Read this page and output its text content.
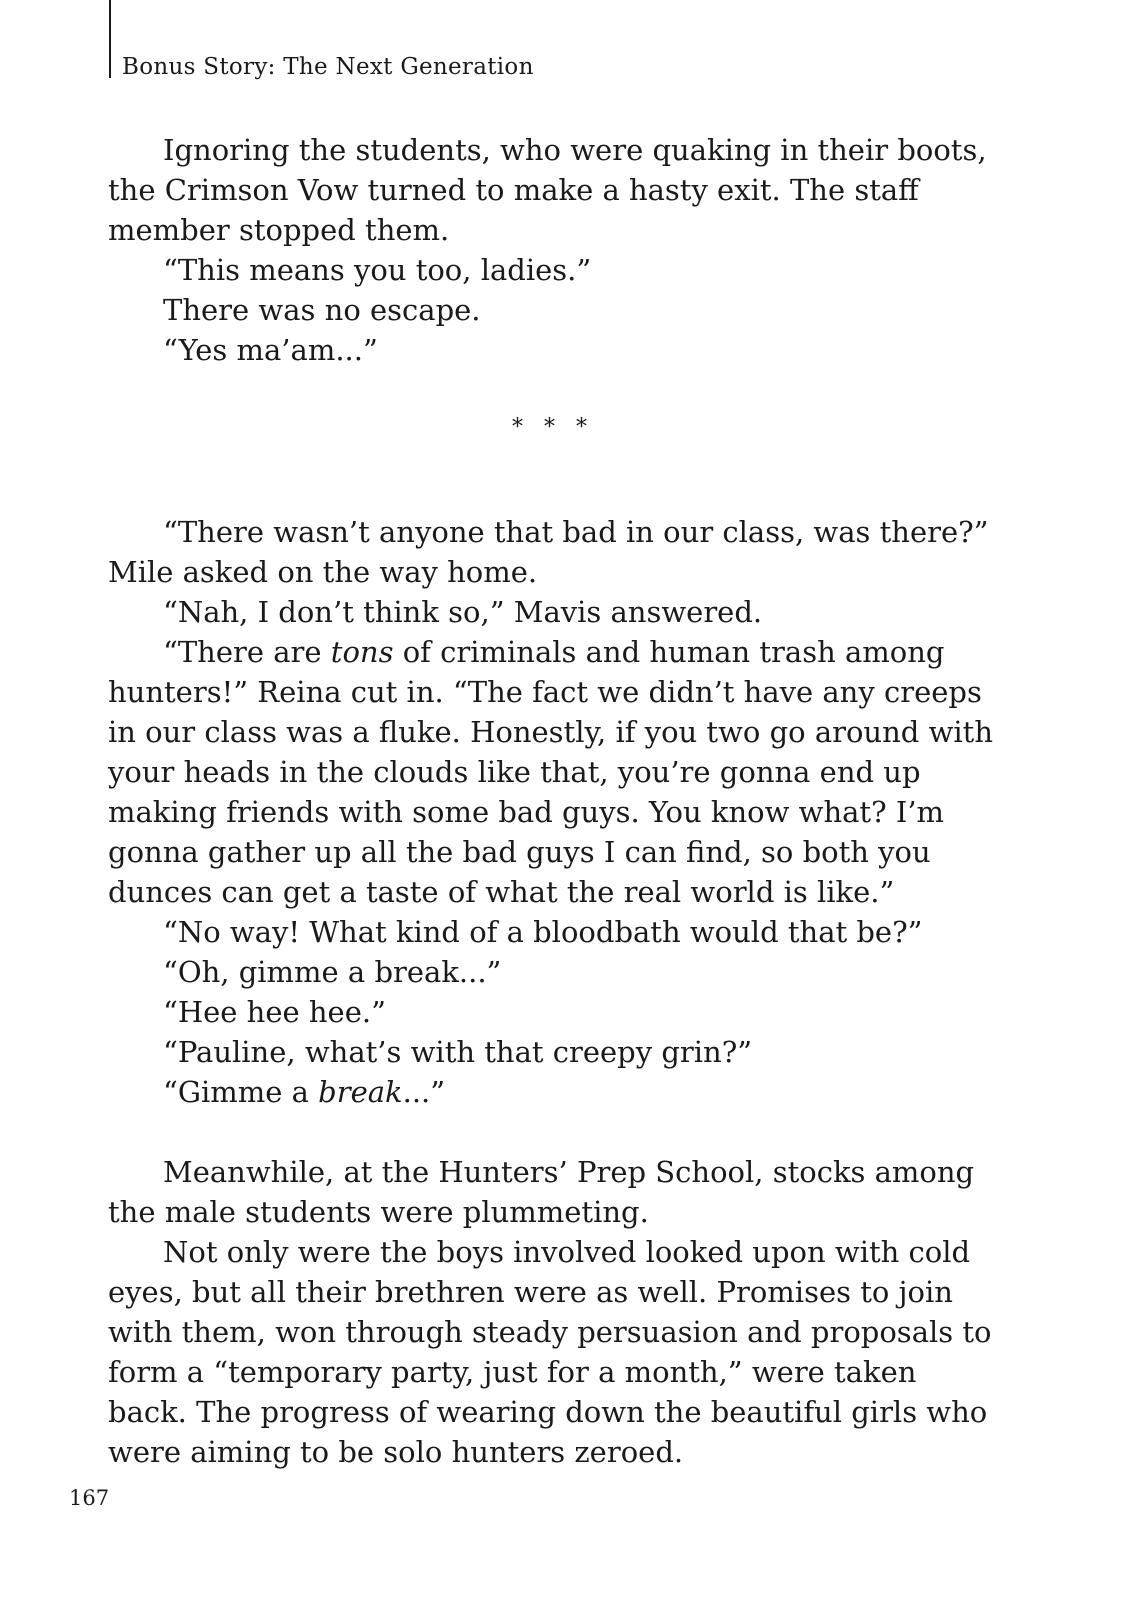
Bonus Story: The Next Generation

Ignoring the students, who were quaking in their boots, the Crimson Vow turned to make a hasty exit. The staff member stopped them.

“This means you too, ladies.”

There was no escape.

“Yes ma’am...”

* * *

“There wasn’t anyone that bad in our class, was there?” Mile asked on the way home.

“Nah, I don’t think so,” Mavis answered.

“There are tons of criminals and human trash among hunters!” Reina cut in. “The fact we didn’t have any creeps in our class was a fluke. Honestly, if you two go around with your heads in the clouds like that, you’re gonna end up making friends with some bad guys. You know what? I’m gonna gather up all the bad guys I can find, so both you dunces can get a taste of what the real world is like.”

“No way! What kind of a bloodbath would that be?”

“Oh, gimme a break...”

“Hee hee hee.”

“Pauline, what’s with that creepy grin?”

“Gimme a break...”

Meanwhile, at the Hunters’ Prep School, stocks among the male students were plummeting.

Not only were the boys involved looked upon with cold eyes, but all their brethren were as well. Promises to join with them, won through steady persuasion and proposals to form a “temporary party, just for a month,” were taken back. The progress of wearing down the beautiful girls who were aiming to be solo hunters zeroed.

167
